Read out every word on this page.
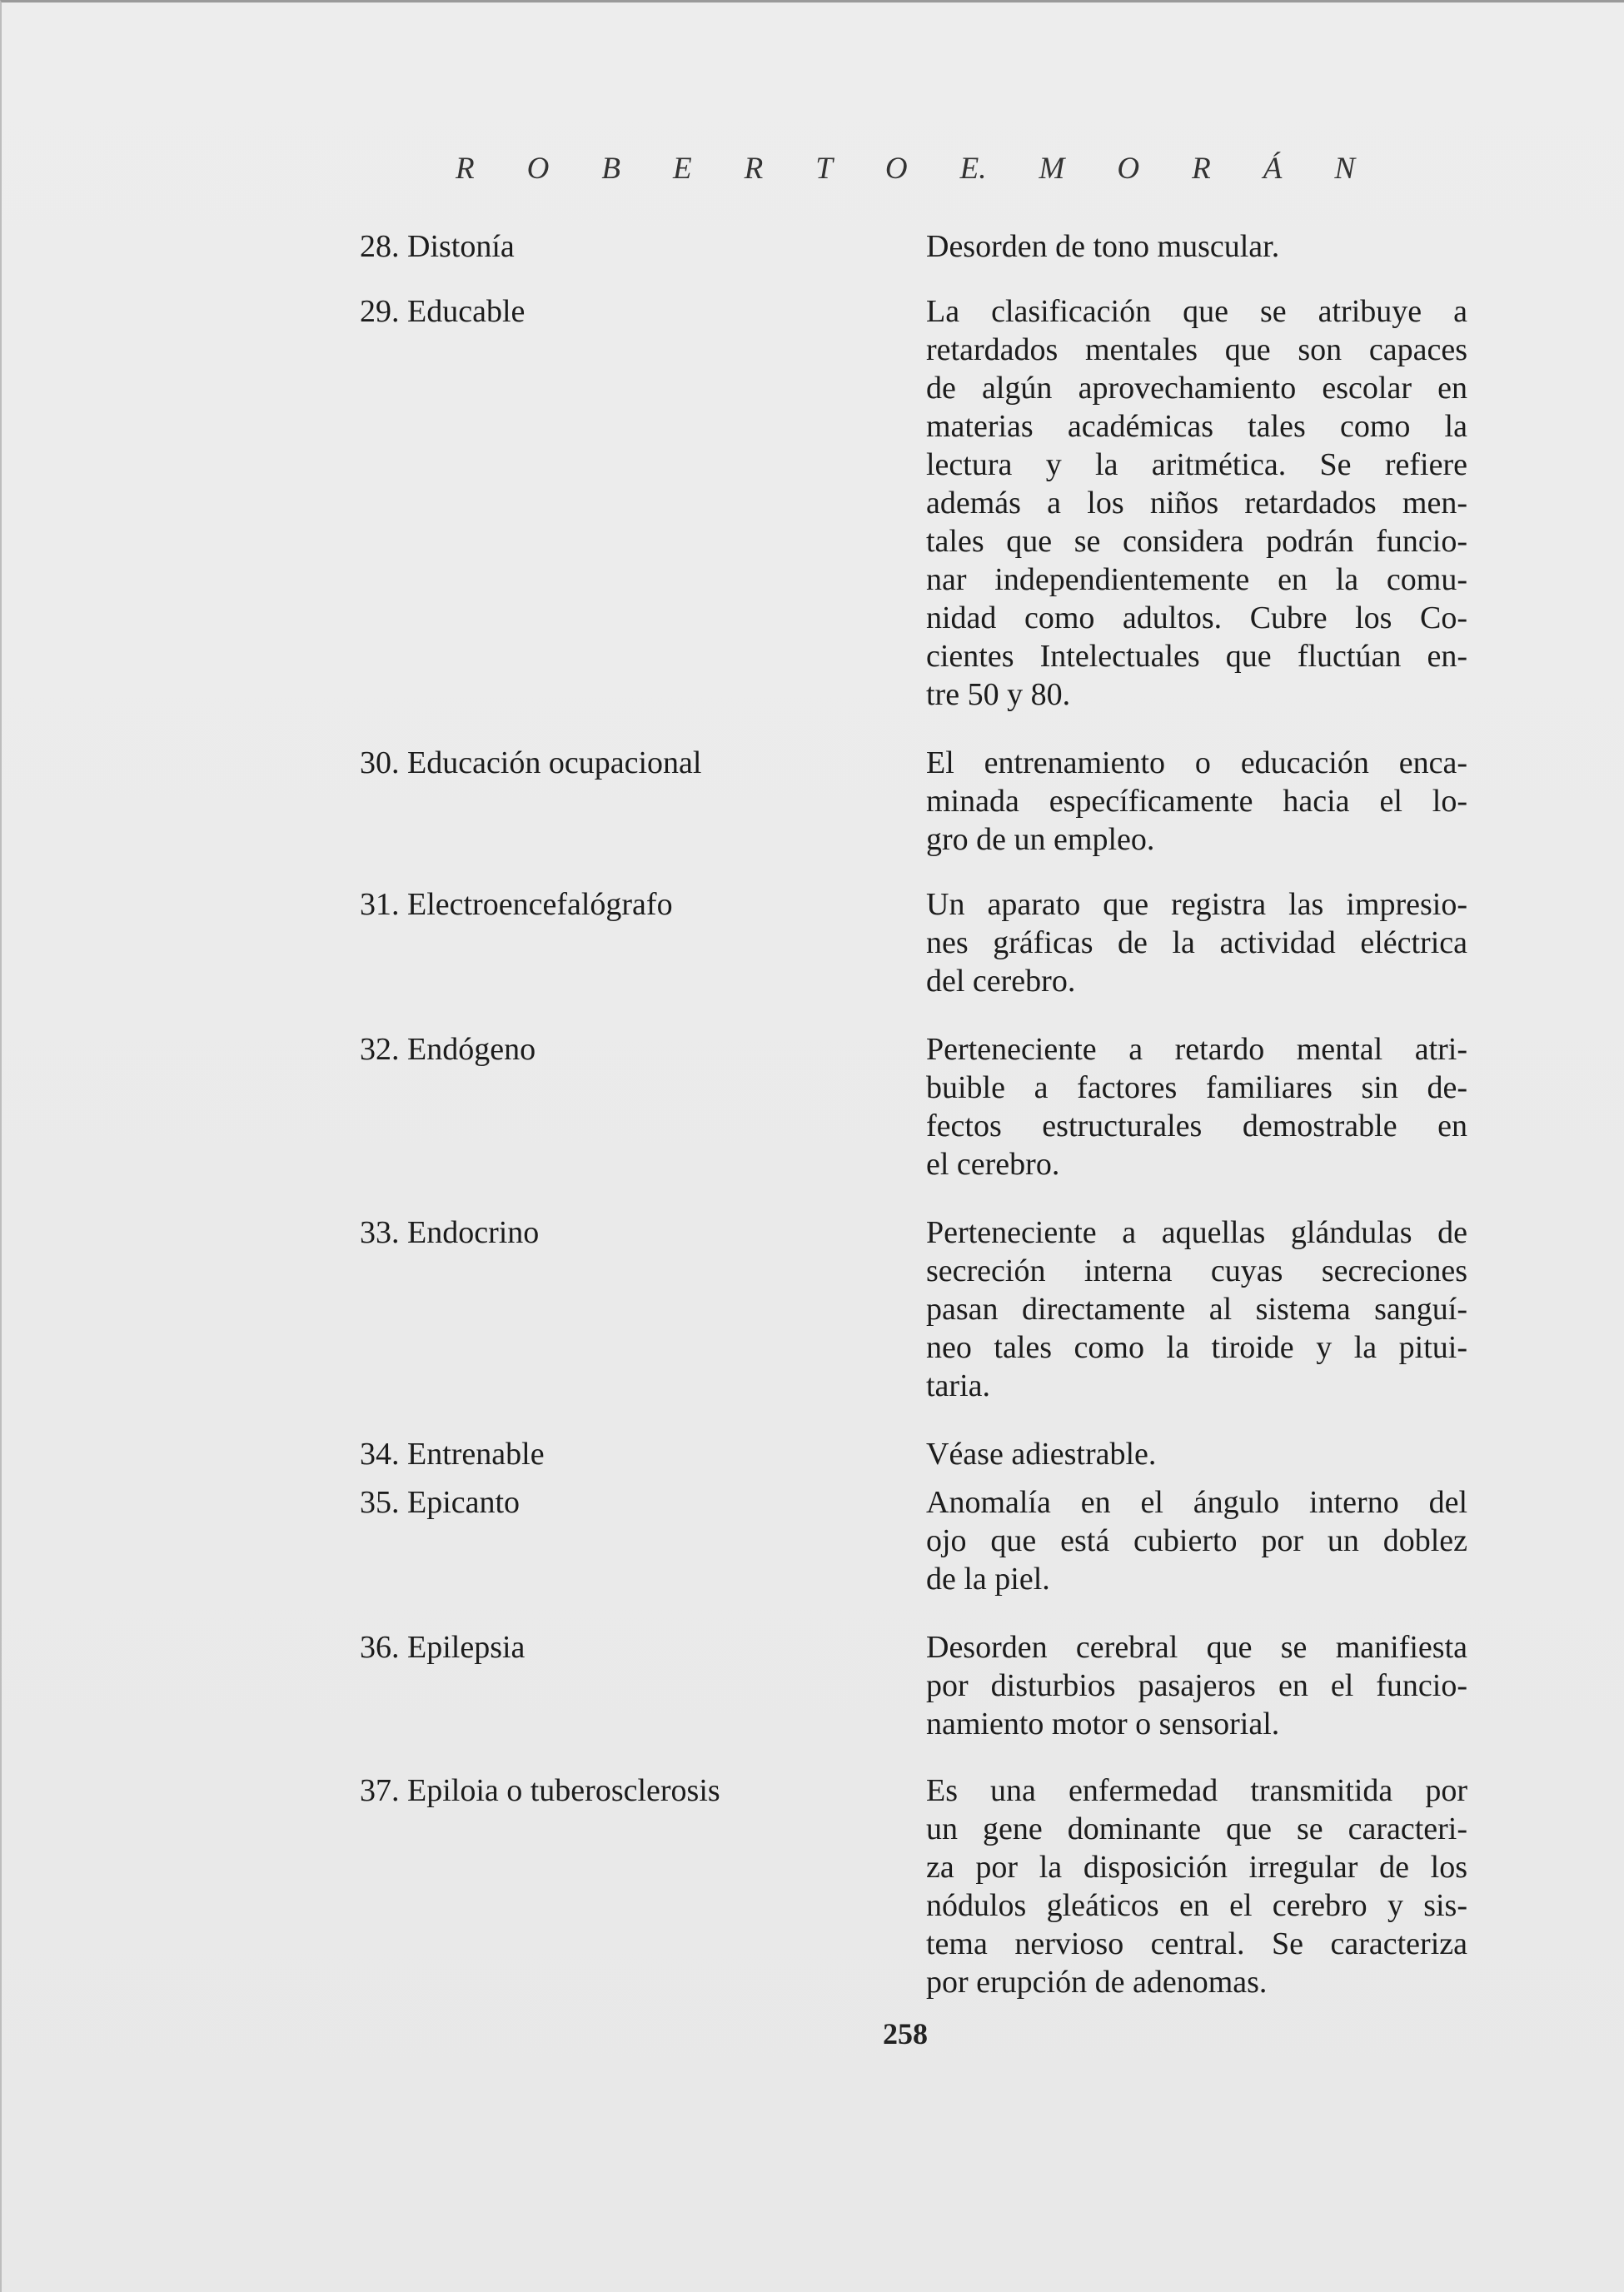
R O B E R T O E. M O R Á N
28. Distonía	Desorden de tono muscular.
29. Educable	La clasificación que se atribuye a
retardados mentales que son capaces
de algún aprovechamiento escolar en
materias académicas tales como la
lectura y la aritmética. Se refiere
además a los niños retardados men-
tales que se considera podrán funcio-
nar independientemente en la comu-
nidad como adultos. Cubre los Co-
cientes Intelectuales que fluctúan en-
tre 50 y 80.
30. Educación ocupacional	El entrenamiento o educación enca-
minada específicamente hacia el lo-
gro de un empleo.
31. Electroencefalógrafo	Un aparato que registra las impresio-
nes gráficas de la actividad eléctrica
del cerebro.
32. Endógeno	Perteneciente a retardo mental atri-
buible a factores familiares sin de-
fectos estructurales demostrable en
el cerebro.
33. Endocrino	Perteneciente a aquellas glándulas de
secreción interna cuyas secreciones
pasan directamente al sistema sanguí-
neo tales como la tiroide y la pitui-
taria.
34. Entrenable	Véase adiestrable.
35. Epicanto	Anomalía en el ángulo interno del
ojo que está cubierto por un doblez
de la piel.
36. Epilepsia	Desorden cerebral que se manifiesta
por disturbios pasajeros en el funcio-
namiento motor o sensorial.
37. Epiloia o tuberosclerosis	Es una enfermedad transmitida por
un gene dominante que se caracteri-
za por la disposición irregular de los
nódulos gleáticos en el cerebro y sis-
tema nervioso central. Se caracteriza
por erupción de adenomas.
258
